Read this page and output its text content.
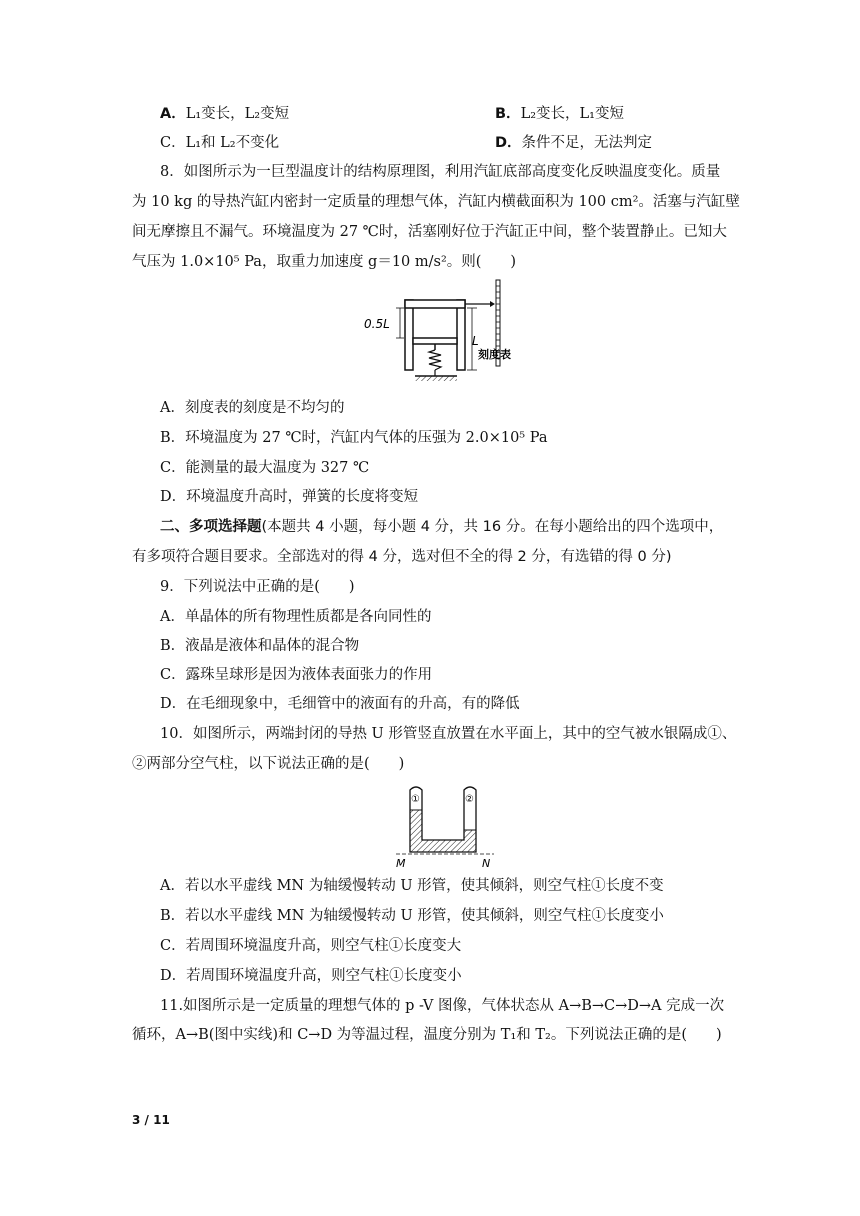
A．L₁变长，L₂变短	B．L₂变长，L₁变短
C．L₁和 L₂不变化	D．条件不足，无法判定
8．如图所示为一巨型温度计的结构原理图，利用汽缸底部高度变化反映温度变化。质量
为 10 kg 的导热汽缸内密封一定质量的理想气体，汽缸内横截面积为 100 cm²。活塞与汽缸壁
间无摩擦且不漏气。环境温度为 27 ℃时，活塞刚好位于汽缸正中间，整个装置静止。已知大
气压为 1.0×10⁵ Pa，取重力加速度 g＝10 m/s²。则(　　)
0.5L
L
刻度表
A．刻度表的刻度是不均匀的
B．环境温度为 27 ℃时，汽缸内气体的压强为 2.0×10⁵ Pa
C．能测量的最大温度为 327 ℃
D．环境温度升高时，弹簧的长度将变短
二、多项选择题(本题共 4 小题，每小题 4 分，共 16 分。在每小题给出的四个选项中，
有多项符合题目要求。全部选对的得 4 分，选对但不全的得 2 分，有选错的得 0 分)
9．下列说法中正确的是(　　)
A．单晶体的所有物理性质都是各向同性的
B．液晶是液体和晶体的混合物
C．露珠呈球形是因为液体表面张力的作用
D．在毛细现象中，毛细管中的液面有的升高，有的降低
10．如图所示，两端封闭的导热 U 形管竖直放置在水平面上，其中的空气被水银隔成①、
②两部分空气柱，以下说法正确的是(　　)
①	②
M	N
A．若以水平虚线 MN 为轴缓慢转动 U 形管，使其倾斜，则空气柱①长度不变
B．若以水平虚线 MN 为轴缓慢转动 U 形管，使其倾斜，则空气柱①长度变小
C．若周围环境温度升高，则空气柱①长度变大
D．若周围环境温度升高，则空气柱①长度变小
11.如图所示是一定质量的理想气体的 p -V 图像，气体状态从 A→B→C→D→A 完成一次
循环，A→B(图中实线)和 C→D 为等温过程，温度分别为 T₁和 T₂。下列说法正确的是(　　)
3 / 11
